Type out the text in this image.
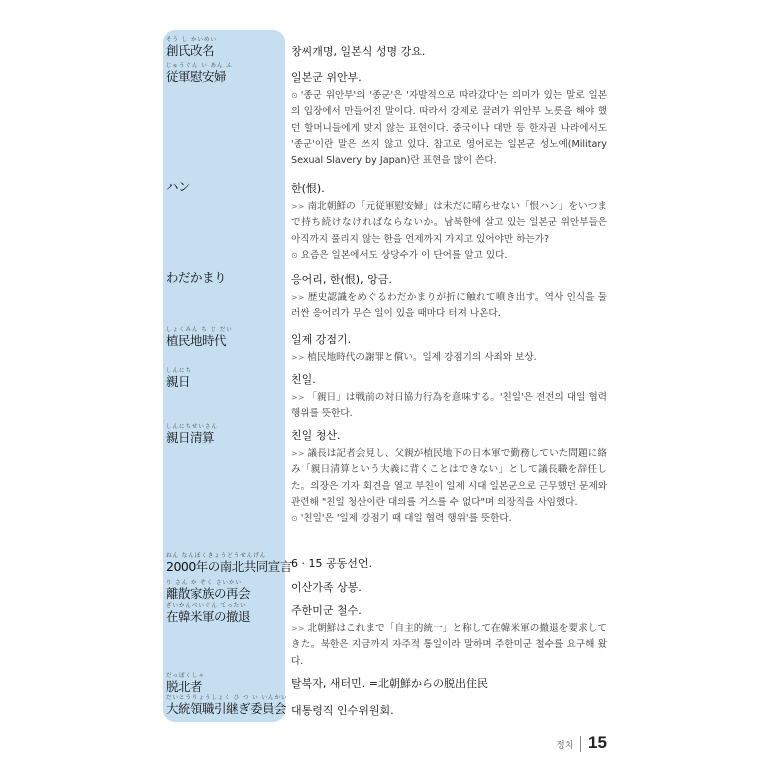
そう し かいめい
創氏改名
じゅうぐん い あん ふ
従軍慰安婦
ハン
わだかまり
しょくみん ち じ だい
植民地時代
しんにち
親日
しんにちせいさん
親日清算
ねん なんぼくきょうどうせんげん
2000年の南北共同宣言
り さん か ぞく さいかい
離散家族の再会
ざいかんべいぐん てったい
在韓米軍の撤退
だっぽくしゃ
脱北者
だいとうりょうしょく ひ つ い いんかい
大統領職引継ぎ委員会
창씨개명, 일본식 성명 강요.
일본군 위안부.

⊙ '종군 위안부'의 '종군'은 '자발적으로 따라갔다'는 의미가 있는 말로 일본의 입장에서 만들어진 말이다. 따라서 강제로 끌려가 위안부 노릇을 해야 했던 할머니들에게 맞지 않는 표현이다. 중국이나 대만 등 한자권 나라에서도 '종군'이란 말은 쓰지 않고 있다. 참고로 영어로는 일본군 성노예(Military Sexual Slavery by Japan)란 표현을 많이 쓴다.

한(恨).

>> 南北朝鮮の「元従軍慰安婦」は未だに晴らせない「恨ハン」をいつまで持ち続けなければならないか。남북한에 살고 있는 일본군 위안부들은 아직까지 풀리지 않는 한을 언제까지 가지고 있어야만 하는가?

⊙ 요즘은 일본에서도 상당수가 이 단어를 알고 있다.

응어리, 한(恨), 앙금.

>> 歴史認識をめぐるわだかまりが折に触れて噴き出す。역사 인식을 둘러싼 응어리가 무슨 일이 있을 때마다 터져 나온다.

일제 강점기.

>> 植民地時代の謝罪と償い。일제 강점기의 사죄와 보상.

친일.

>> 「親日」は戦前の対日協力行為を意味する。'친일'은 전전의 대일 협력 행위를 뜻한다.

친일 청산.

>> 議長は記者会見し、父親が植民地下の日本軍で勤務していた問題に絡み「親日清算という大義に背くことはできない」として議長職を辞任した。의장은 기자 회견을 열고 부친이 일제 시대 일본군으로 근무했던 문제와 관련해 "친일 청산이란 대의를 거스를 수 없다"며 의장직을 사임했다.

⊙ '친일'은 '일제 강점기 때 대일 협력 행위'를 뜻한다.

6 · 15 공동선언.
이산가족 상봉.
주한미군 철수.

>> 北朝鮮はこれまで「自主的統一」と称して在韓米軍の撤退を要求してきた。북한은 지금까지 자주적 통일이라 말하며 주한미군 철수를 요구해 왔다.

탈북자, 새터민. =北朝鮮からの脱出住民
대통령직 인수위원회.
정치 15
